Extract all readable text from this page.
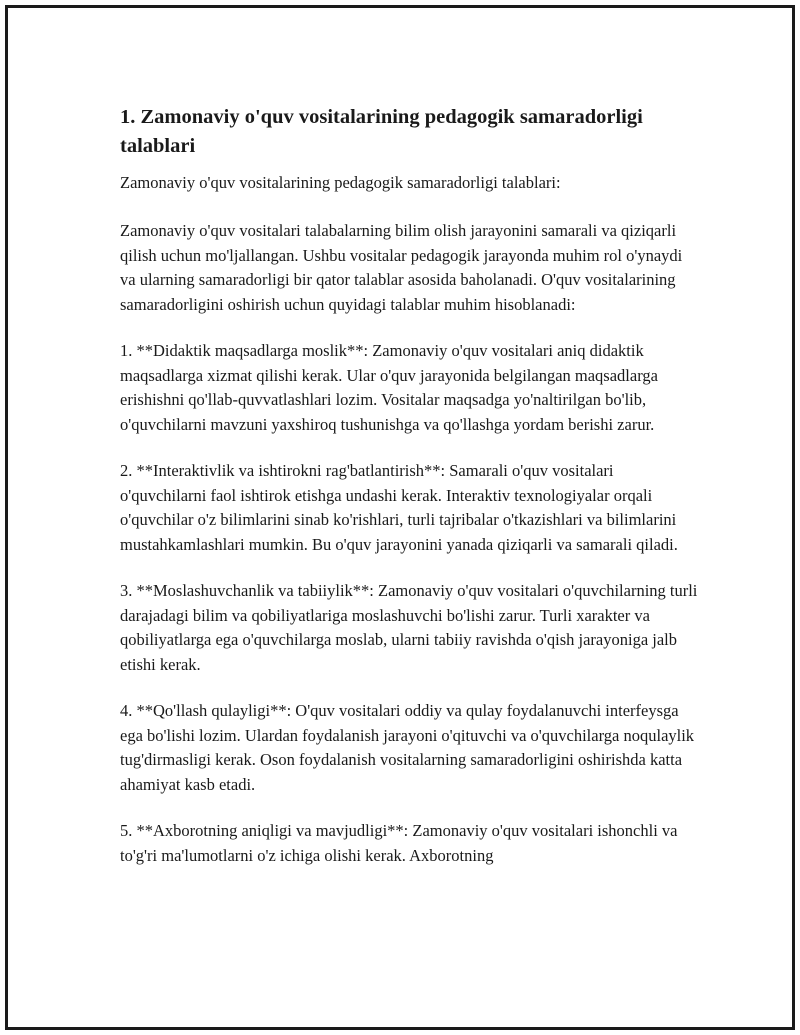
1. Zamonaviy o'quv vositalarining pedagogik samaradorligi talablari

Zamonaviy o'quv vositalarining pedagogik samaradorligi talablari:

Zamonaviy o'quv vositalari talabalarning bilim olish jarayonini samarali va qiziqarli qilish uchun mo'ljallangan. Ushbu vositalar pedagogik jarayonda muhim rol o'ynaydi va ularning samaradorligi bir qator talablar asosida baholanadi. O'quv vositalarining samaradorligini oshirish uchun quyidagi talablar muhim hisoblanadi:

1. **Didaktik maqsadlarga moslik**: Zamonaviy o'quv vositalari aniq didaktik maqsadlarga xizmat qilishi kerak. Ular o'quv jarayonida belgilangan maqsadlarga erishishni qo'llab-quvvatlashlari lozim. Vositalar maqsadga yo'naltirilgan bo'lib, o'quvchilarni mavzuni yaxshiroq tushunishga va qo'llashga yordam berishi zarur.

2. **Interaktivlik va ishtirokni rag'batlantirish**: Samarali o'quv vositalari o'quvchilarni faol ishtirok etishga undashi kerak. Interaktiv texnologiyalar orqali o'quvchilar o'z bilimlarini sinab ko'rishlari, turli tajribalar o'tkazishlari va bilimlarini mustahkamlashlari mumkin. Bu o'quv jarayonini yanada qiziqarli va samarali qiladi.

3. **Moslashuvchanlik va tabiiylik**: Zamonaviy o'quv vositalari o'quvchilarning turli darajadagi bilim va qobiliyatlariga moslashuvchi bo'lishi zarur. Turli xarakter va qobiliyatlarga ega o'quvchilarga moslab, ularni tabiiy ravishda o'qish jarayoniga jalb etishi kerak.

4. **Qo'llash qulayligi**: O'quv vositalari oddiy va qulay foydalanuvchi interfeysga ega bo'lishi lozim. Ulardan foydalanish jarayoni o'qituvchi va o'quvchilarga noqulaylik tug'dirmasligi kerak. Oson foydalanish vositalarning samaradorligini oshirishda katta ahamiyat kasb etadi.

5. **Axborotning aniqligi va mavjudligi**: Zamonaviy o'quv vositalari ishonchli va to'g'ri ma'lumotlarni o'z ichiga olishi kerak. Axborotning
